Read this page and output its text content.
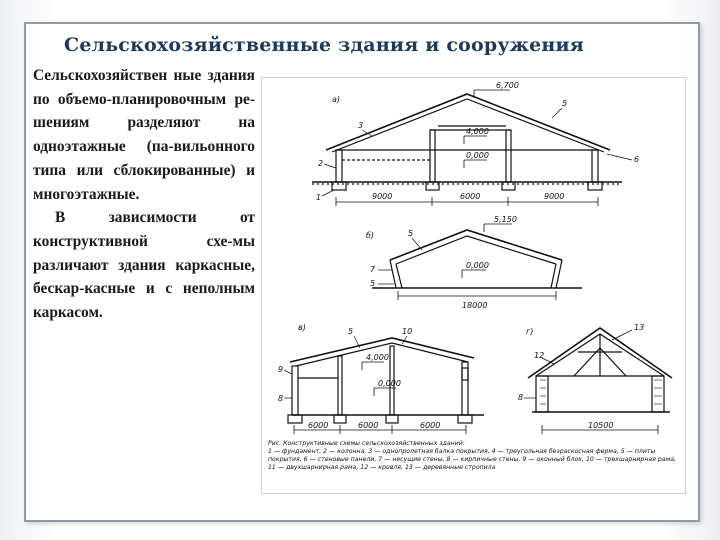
Сельскохозяйственные здания и сооружения

Сельскохозяйствен ные здания по объемо-планировочным ре-шениям разделяют на одноэтажные (па-вильонного типа или сблокированные) и многоэтажные.

В зависимости от конструктивной схе-мы различают здания каркасные, бескар-касные и с неполным каркасом.

а)
3
6,700
5
4,000
0,000
2	6
1	9000	6000	9000
б)	5
5,150
0,000
7
5
18000
в)	5	10
4,000
0,000
9
8
6000	6000	6000
г)	13
12
8
10500
Рис. Конструктивные схемы сельскохозяйственных зданий:
1 — фундамент, 2 — колонна, 3 — однопролетная балка покрытия, 4 — треугольная безраскосная ферма, 5 — плиты покрытия, 6 — стеновые панели, 7 — несущие стены, 8 — кирпичные стены, 9 — оконный блок, 10 — трехшарнирная рама, 11 — двухшарнирная рама, 12 — кровля, 13 — деревянные стропила
